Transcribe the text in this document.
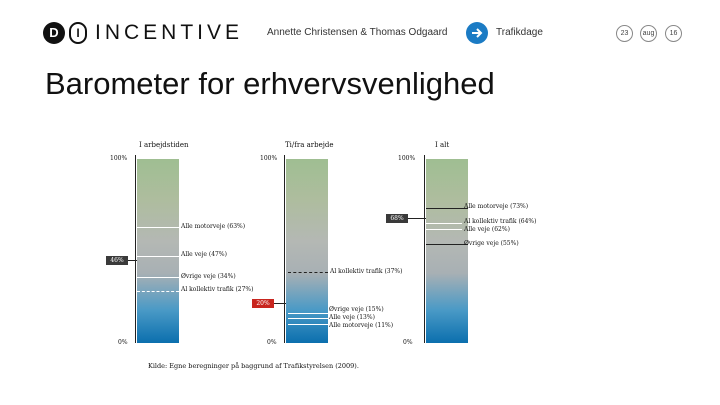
D	I INCENTIVE Annette Christensen & Thomas Odgaard	Trafikdage	23	aug	16
Barometer for erhvervsvenlighed
I arbejdstiden	Ti/fra arbejde	I alt
100%
0%
Alle motorveje (63%)
Alle veje (47%)
Øvrige veje (34%)
Al kollektiv trafik (27%)
46%
100%
0%
Al kollektiv trafik (37%)
Øvrige veje (15%)
Alle veje (13%)
Alle motorveje (11%)
20%
100%
0%
Alle motorveje (73%)
Al kollektiv trafik (64%)
Alle veje (62%)
Øvrige veje (55%)
68%
Kilde: Egne beregninger på baggrund af Trafikstyrelsen (2009).
